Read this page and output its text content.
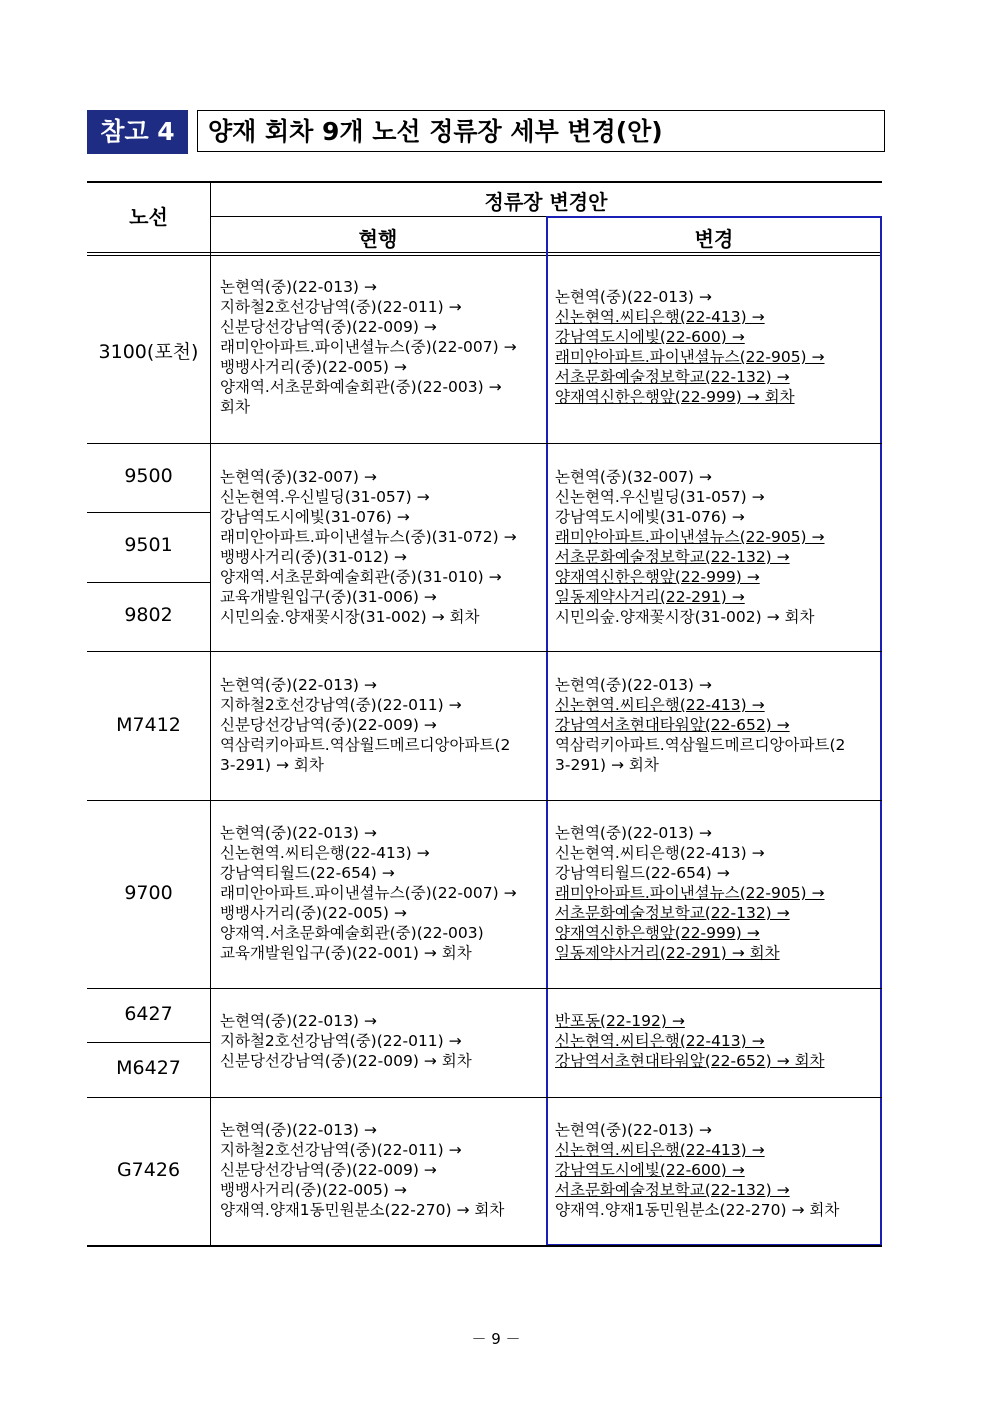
참고 4	양재 회차 9개 노선 정류장 세부 변경(안)
노선
정류장 변경안
현행	변경
3100(포천)
논현역(중)(22-013) →
지하철2호선강남역(중)(22-011) →
신분당선강남역(중)(22-009) →
래미안아파트.파이낸셜뉴스(중)(22-007) →
뱅뱅사거리(중)(22-005) →
양재역.서초문화예술회관(중)(22-003) →
회차
논현역(중)(22-013) →
신논현역.씨티은행(22-413) →
강남역도시에빛(22-600) →
래미안아파트.파이낸셜뉴스(22-905) →
서초문화예술정보학교(22-132) →
양재역신한은행앞(22-999) → 회차
9500
9501
9802
논현역(중)(32-007) →
신논현역.우신빌딩(31-057) →
강남역도시에빛(31-076) →
래미안아파트.파이낸셜뉴스(중)(31-072) →
뱅뱅사거리(중)(31-012) →
양재역.서초문화예술회관(중)(31-010) →
교육개발원입구(중)(31-006) →
시민의숲.양재꽃시장(31-002) → 회차
논현역(중)(32-007) →
신논현역.우신빌딩(31-057) →
강남역도시에빛(31-076) →
래미안아파트.파이낸셜뉴스(22-905) →
서초문화예술정보학교(22-132) →
양재역신한은행앞(22-999) →
일동제약사거리(22-291) →
시민의숲.양재꽃시장(31-002) → 회차
M7412
논현역(중)(22-013) →
지하철2호선강남역(중)(22-011) →
신분당선강남역(중)(22-009) →
역삼럭키아파트.역삼월드메르디앙아파트(2
3-291) → 회차
논현역(중)(22-013) →
신논현역.씨티은행(22-413) →
강남역서초현대타워앞(22-652) →
역삼럭키아파트.역삼월드메르디앙아파트(2
3-291) → 회차
9700
논현역(중)(22-013) →
신논현역.씨티은행(22-413) →
강남역티월드(22-654) →
래미안아파트.파이낸셜뉴스(중)(22-007) →
뱅뱅사거리(중)(22-005) →
양재역.서초문화예술회관(중)(22-003)
교육개발원입구(중)(22-001) → 회차
논현역(중)(22-013) →
신논현역.씨티은행(22-413) →
강남역티월드(22-654) →
래미안아파트.파이낸셜뉴스(22-905) →
서초문화예술정보학교(22-132) →
양재역신한은행앞(22-999) →
일동제약사거리(22-291) → 회차
6427
M6427
논현역(중)(22-013) →
지하철2호선강남역(중)(22-011) →
신분당선강남역(중)(22-009) → 회차
반포동(22-192) →
신논현역.씨티은행(22-413) →
강남역서초현대타워앞(22-652) → 회차
G7426
논현역(중)(22-013) →
지하철2호선강남역(중)(22-011) →
신분당선강남역(중)(22-009) →
뱅뱅사거리(중)(22-005) →
양재역.양재1동민원분소(22-270) → 회차
논현역(중)(22-013) →
신논현역.씨티은행(22-413) →
강남역도시에빛(22-600) →
서초문화예술정보학교(22-132) →
양재역.양재1동민원분소(22-270) → 회차
－ 9 －
